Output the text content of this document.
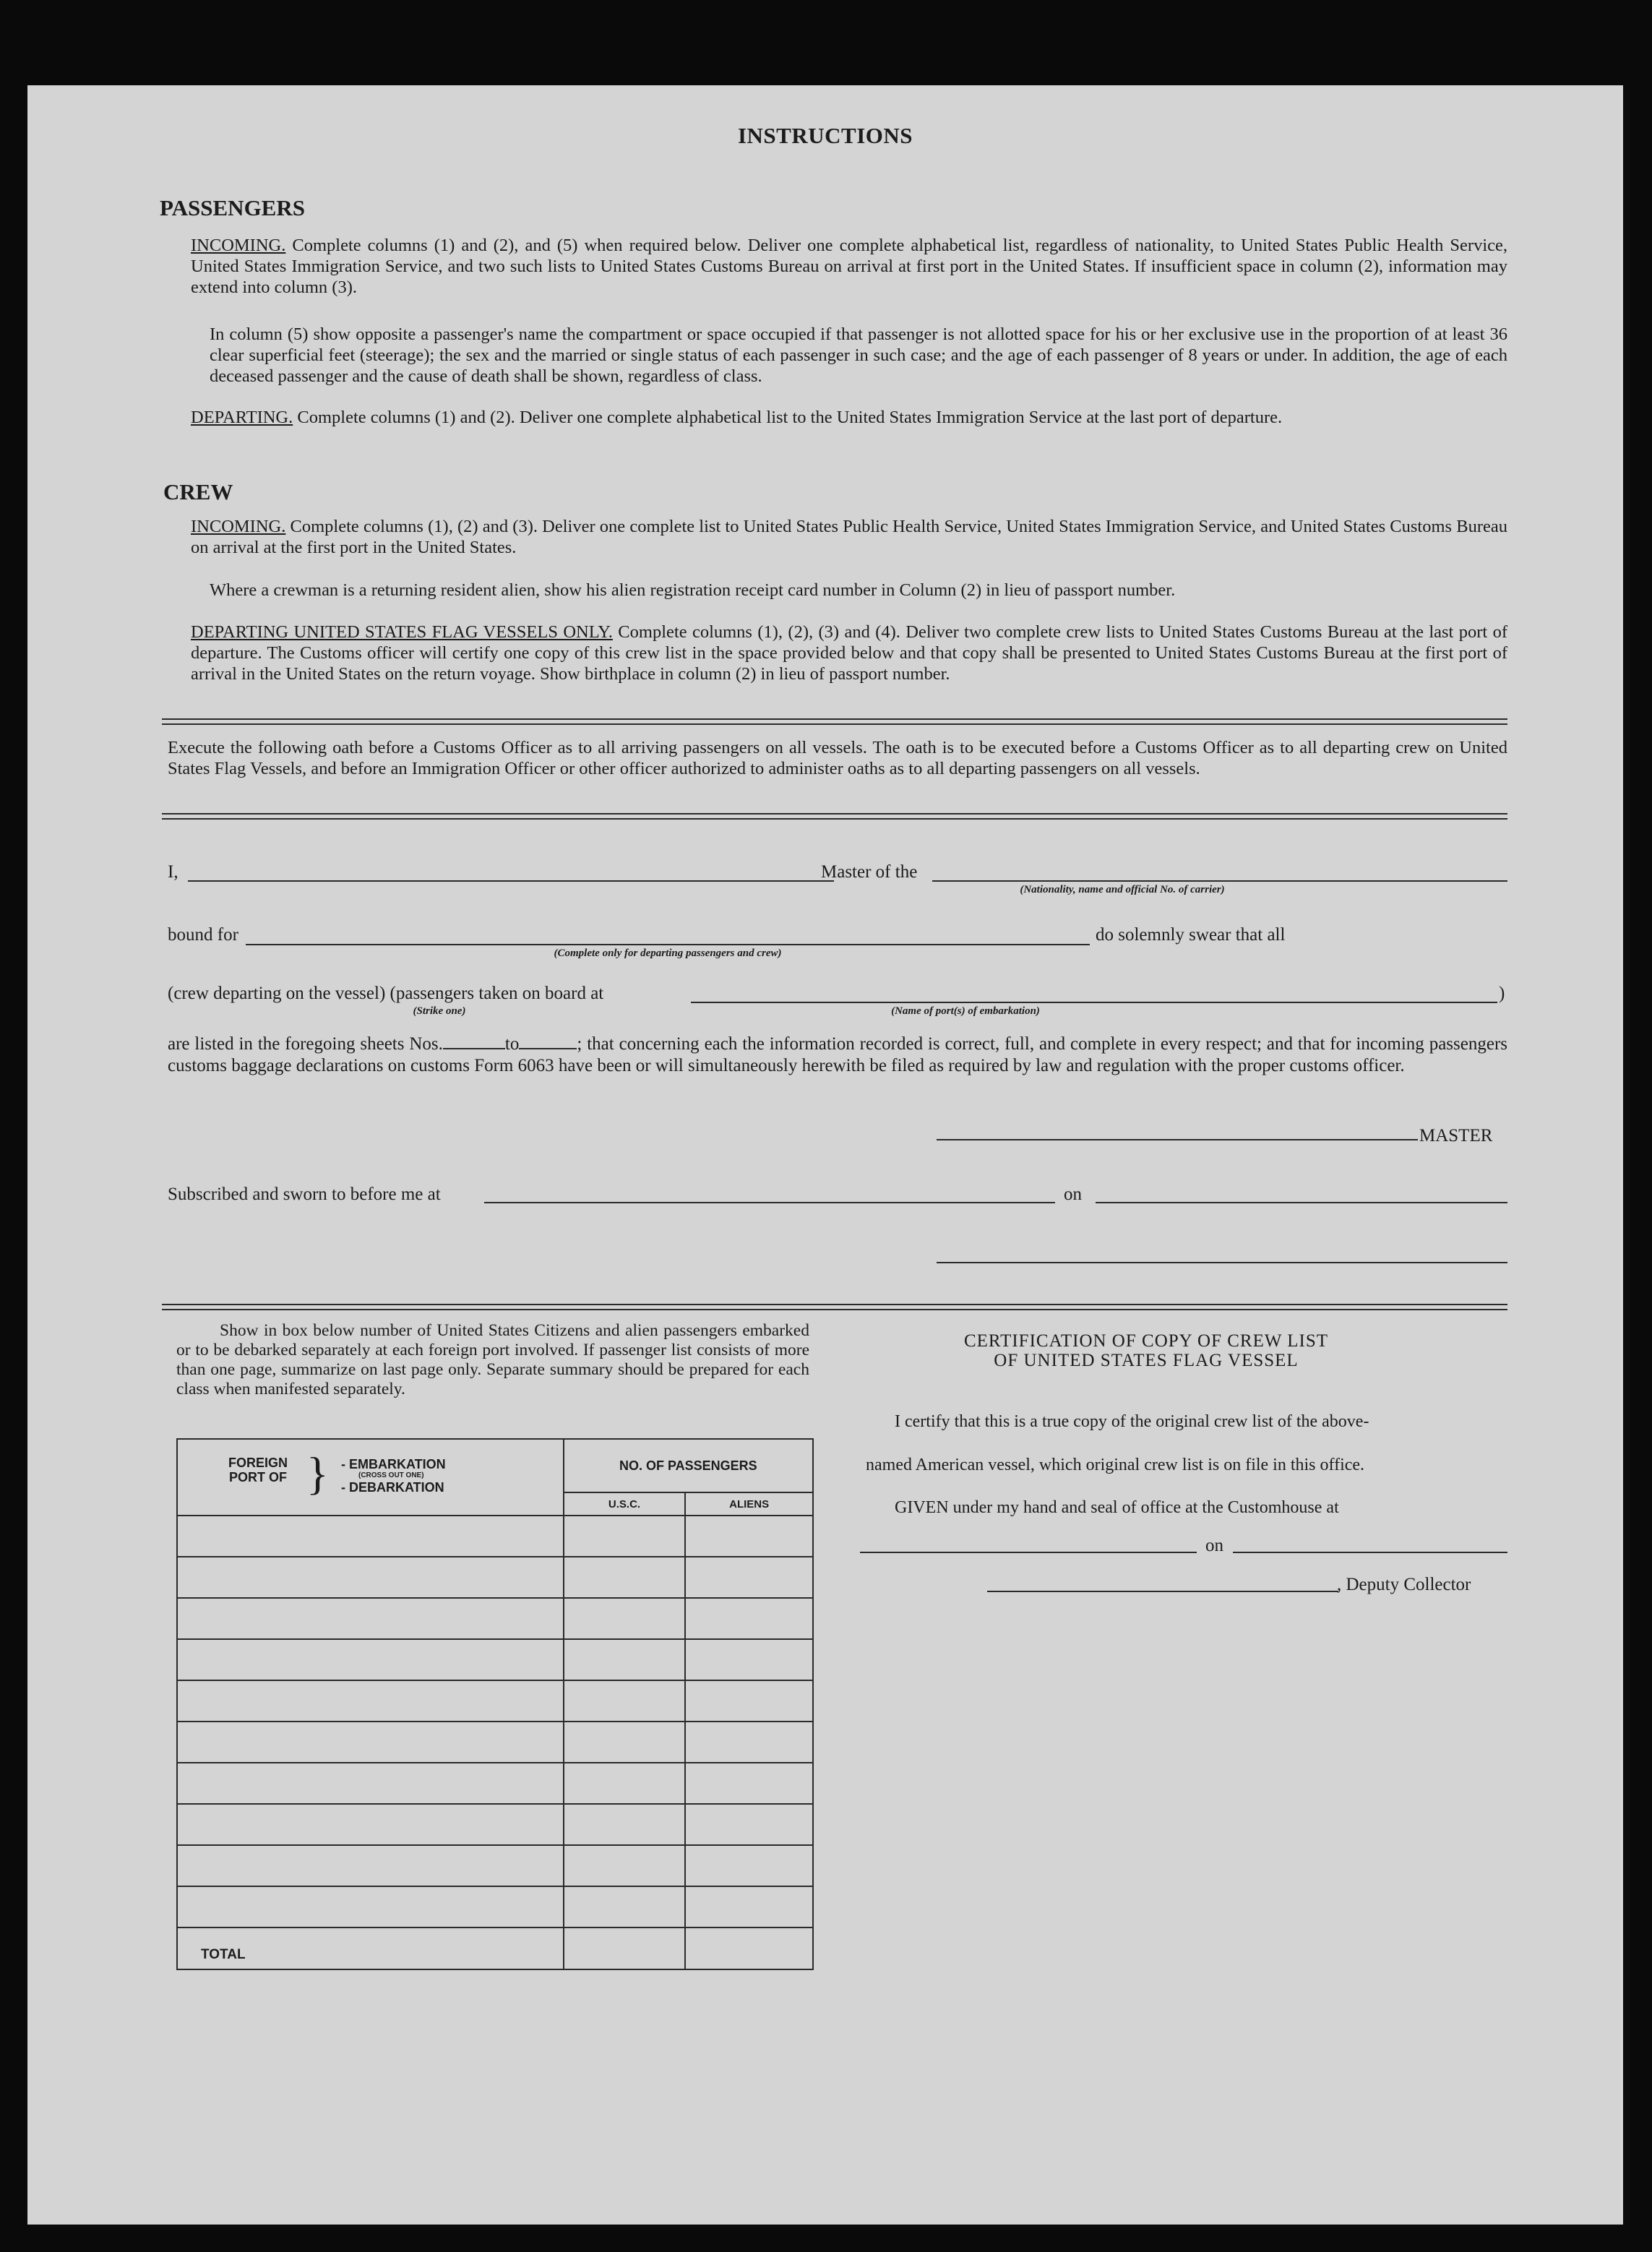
INSTRUCTIONS
PASSENGERS
INCOMING. Complete columns (1) and (2), and (5) when required below. Deliver one complete alphabetical list, regardless of nationality, to United States Public Health Service, United States Immigration Service, and two such lists to United States Customs Bureau on arrival at first port in the United States. If insufficient space in column (2), information may extend into column (3).
In column (5) show opposite a passenger's name the compartment or space occupied if that passenger is not allotted space for his or her exclusive use in the proportion of at least 36 clear superficial feet (steerage); the sex and the married or single status of each passenger in such case; and the age of each passenger of 8 years or under. In addition, the age of each deceased passenger and the cause of death shall be shown, regardless of class.
DEPARTING. Complete columns (1) and (2). Deliver one complete alphabetical list to the United States Immigration Service at the last port of departure.
CREW
INCOMING. Complete columns (1), (2) and (3). Deliver one complete list to United States Public Health Service, United States Immigration Service, and United States Customs Bureau on arrival at the first port in the United States.
Where a crewman is a returning resident alien, show his alien registration receipt card number in Column (2) in lieu of passport number.
DEPARTING UNITED STATES FLAG VESSELS ONLY. Complete columns (1), (2), (3) and (4). Deliver two complete crew lists to United States Customs Bureau at the last port of departure. The Customs officer will certify one copy of this crew list in the space provided below and that copy shall be presented to United States Customs Bureau at the first port of arrival in the United States on the return voyage. Show birthplace in column (2) in lieu of passport number.
Execute the following oath before a Customs Officer as to all arriving passengers on all vessels. The oath is to be executed before a Customs Officer as to all departing crew on United States Flag Vessels, and before an Immigration Officer or other officer authorized to administer oaths as to all departing passengers on all vessels.
I,	Master of the
(Nationality, name and official No. of carrier)
bound for
(Complete only for departing passengers and crew)
do solemnly swear that all
(crew departing on the vessel) (passengers taken on board at
(Strike one)	(Name of port(s) of embarkation)
)
are listed in the foregoing sheets Nos.	to	; that concerning each the information recorded is correct, full, and complete in every respect; and that for incoming passengers customs baggage declarations on customs Form 6063 have been or will simultaneously herewith be filed as required by law and regulation with the proper customs officer.
MASTER
Subscribed and sworn to before me at	on
Show in box below number of United States Citizens and alien passengers embarked or to be debarked separately at each foreign port involved. If passenger list consists of more than one page, summarize on last page only. Separate summary should be prepared for each class when manifested separately.
FOREIGN PORT OF } - EMBARKATION
(CROSS OUT ONE)
- DEBARKATION	NO. OF PASSENGERS	
	U.S.C.	ALIENS

TOTAL		
CERTIFICATION OF COPY OF CREW LIST
OF UNITED STATES FLAG VESSEL
I certify that this is a true copy of the original crew list of the above-
named American vessel, which original crew list is on file in this office.
GIVEN under my hand and seal of office at the Customhouse at
on
, Deputy Collector
